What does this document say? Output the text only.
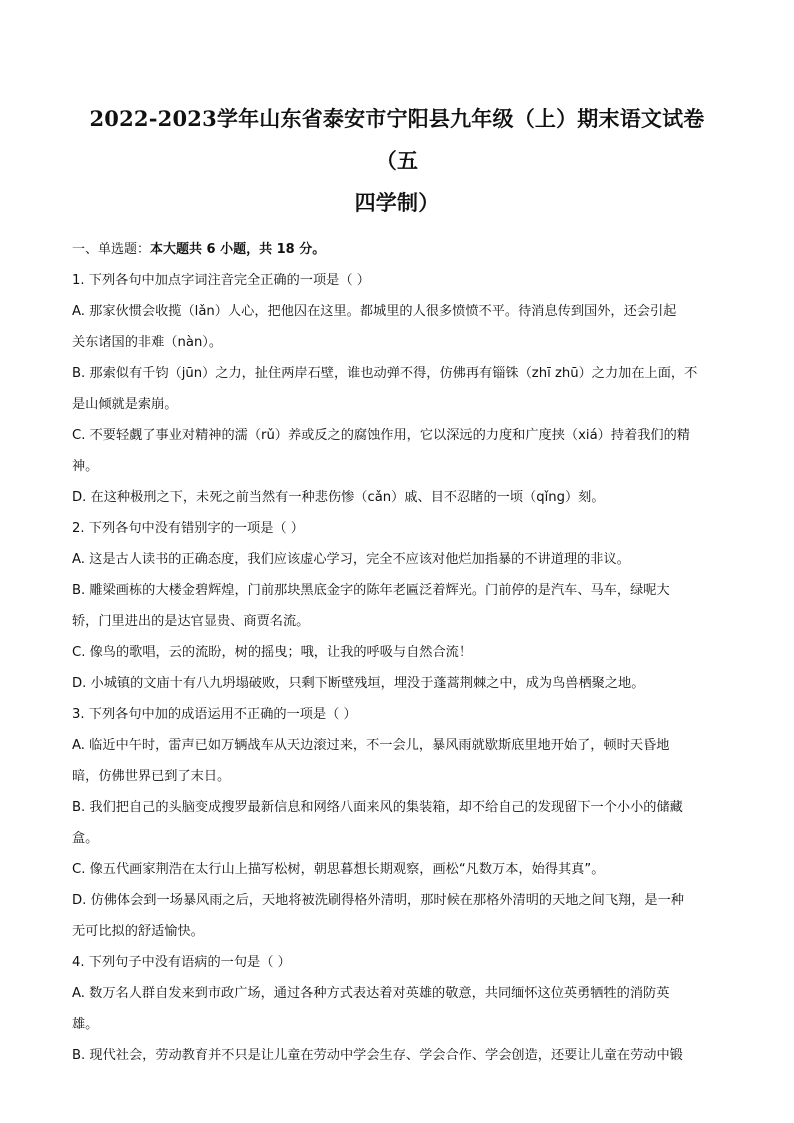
2022-2023学年山东省泰安市宁阳县九年级（上）期末语文试卷（五
四学制）

一、单选题：本大题共 6 小题，共 18 分。

1. 下列各句中加点字词注音完全正确的一项是（ ）

A. 那家伙惯会收揽（lǎn）人心，把他囚在这里。都城里的人很多愤愤不平。待消息传到国外，还会引起

关东诸国的非难（nàn）。

B. 那索似有千钧（jūn）之力，扯住两岸石壁，谁也动弹不得，仿佛再有锱铢（zhī zhū）之力加在上面，不

是山倾就是索崩。

C. 不要轻觑了事业对精神的濡（rǔ）养或反之的腐蚀作用，它以深远的力度和广度挟（xiá）持着我们的精

神。

D. 在这种极刑之下，未死之前当然有一种悲伤惨（cǎn）戚、目不忍睹的一顷（qǐng）刻。

2. 下列各句中没有错别字的一项是（ ）

A. 这是古人读书的正确态度，我们应该虚心学习，完全不应该对他烂加指暴的不讲道理的非议。

B. 雕梁画栋的大楼金碧辉煌，门前那块黑底金字的陈年老匾泛着辉光。门前停的是汽车、马车，绿呢大

轿，门里进出的是达官显贵、商贾名流。

C. 像鸟的歌唱，云的流盼，树的摇曳；哦，让我的呼吸与自然合流！

D. 小城镇的文庙十有八九坍塌破败，只剩下断壁残垣，埋没于蓬蒿荆棘之中，成为鸟兽栖聚之地。

3. 下列各句中加的成语运用不正确的一项是（ ）

A. 临近中午时，雷声已如万辆战车从天边滚过来，不一会儿，暴风雨就歇斯底里地开始了，顿时天昏地

暗，仿佛世界已到了末日。

B. 我们把自己的头脑变成搜罗最新信息和网络八面来风的集装箱，却不给自己的发现留下一个小小的储藏

盒。

C. 像五代画家荆浩在太行山上描写松树，朝思暮想长期观察，画松“凡数万本，始得其真”。

D. 仿佛体会到一场暴风雨之后，天地将被洗刷得格外清明，那时候在那格外清明的天地之间飞翔，是一种

无可比拟的舒适愉快。

4. 下列句子中没有语病的一句是（ ）

A. 数万名人群自发来到市政广场，通过各种方式表达着对英雄的敬意，共同缅怀这位英勇牺牲的消防英

雄。

B. 现代社会，劳动教育并不只是让儿童在劳动中学会生存、学会合作、学会创造，还要让儿童在劳动中锻
